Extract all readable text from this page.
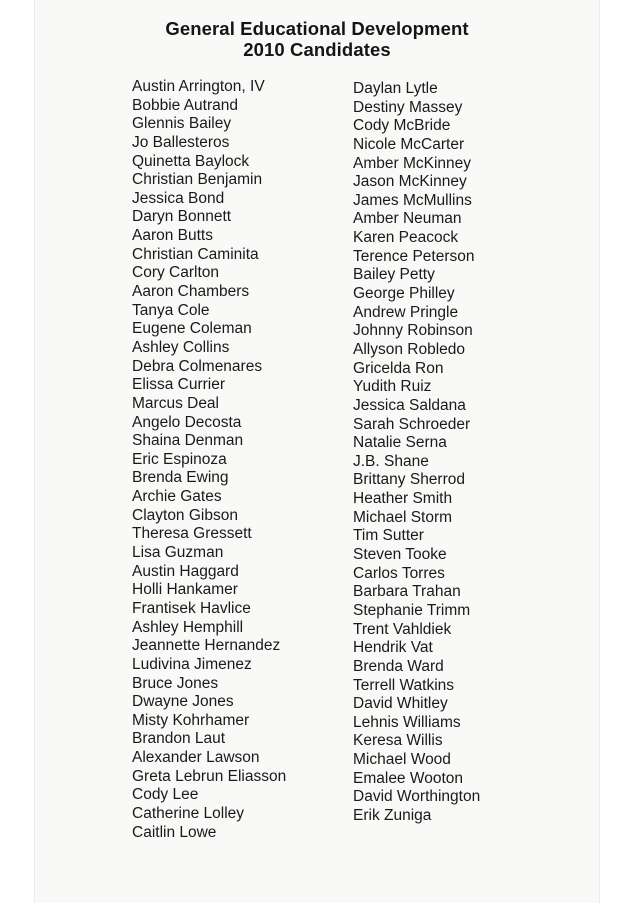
General Educational Development
2010 Candidates
Austin Arrington, IV
Bobbie Autrand
Glennis Bailey
Jo Ballesteros
Quinetta Baylock
Christian Benjamin
Jessica Bond
Daryn Bonnett
Aaron Butts
Christian Caminita
Cory Carlton
Aaron Chambers
Tanya Cole
Eugene Coleman
Ashley Collins
Debra Colmenares
Elissa Currier
Marcus Deal
Angelo Decosta
Shaina Denman
Eric Espinoza
Brenda Ewing
Archie Gates
Clayton Gibson
Theresa Gressett
Lisa Guzman
Austin Haggard
Holli Hankamer
Frantisek Havlice
Ashley Hemphill
Jeannette Hernandez
Ludivina Jimenez
Bruce Jones
Dwayne Jones
Misty Kohrhamer
Brandon Laut
Alexander Lawson
Greta Lebrun Eliasson
Cody Lee
Catherine Lolley
Caitlin Lowe
Daylan Lytle
Destiny Massey
Cody McBride
Nicole McCarter
Amber McKinney
Jason McKinney
James McMullins
Amber Neuman
Karen Peacock
Terence Peterson
Bailey Petty
George Philley
Andrew Pringle
Johnny Robinson
Allyson Robledo
Gricelda Ron
Yudith Ruiz
Jessica Saldana
Sarah Schroeder
Natalie Serna
J.B. Shane
Brittany Sherrod
Heather Smith
Michael Storm
Tim Sutter
Steven Tooke
Carlos Torres
Barbara Trahan
Stephanie Trimm
Trent Vahldiek
Hendrik Vat
Brenda Ward
Terrell Watkins
David Whitley
Lehnis Williams
Keresa Willis
Michael Wood
Emalee Wooton
David Worthington
Erik Zuniga
